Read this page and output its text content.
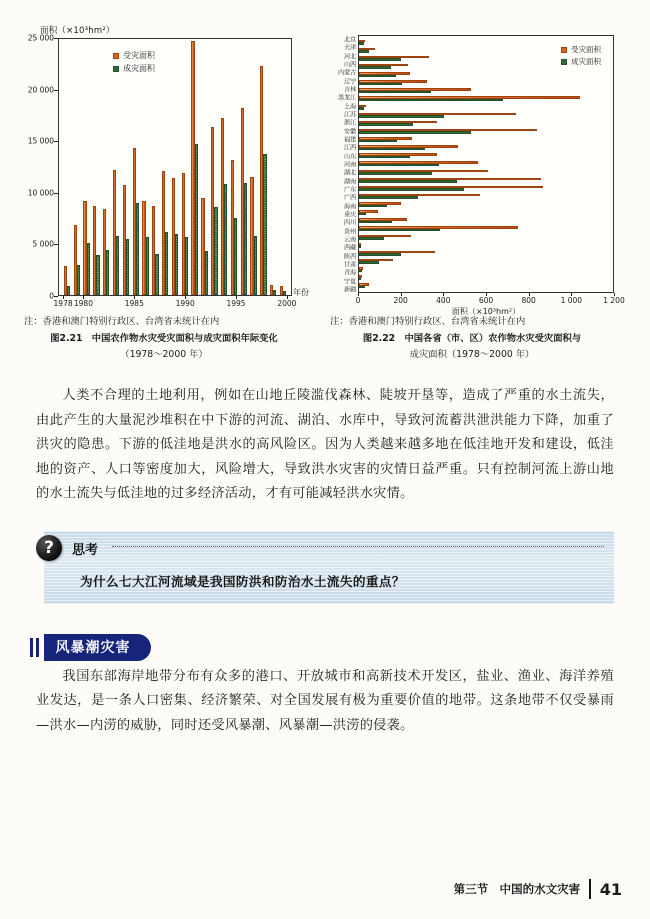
面积（×10³hm²）
0
5 000
10 000
15 000
20 000
25 000
受灾面积
成灾面积
年份
1978 1980	1985	1990	1995	2000
北京
天津
河北
山西
内蒙古
辽宁
吉林
黑龙江
上海
江苏
浙江
安徽
福建
江西
山东
河南
湖北
湖南
广东
广西
海南
重庆
四川
贵州
云南
西藏
陕西
甘肃
青海
宁夏
新疆
受灾面积
成灾面积
面积（×10³hm²）
0	200	400	600	800	1 000	1 200
注：香港和澳门特别行政区、台湾省未统计在内
图2.21　中国农作物水灾受灾面积与成灾面积年际变化
（1978～2000 年）
注：香港和澳门特别行政区、台湾省未统计在内
图2.22　中国各省（市、区）农作物水灾受灾面积与
成灾面积（1978～2000 年）

人类不合理的土地利用，例如在山地丘陵滥伐森林、陡坡开垦等，造成了严重的水土流失，由此产生的大量泥沙堆积在中下游的河流、湖泊、水库中，导致河流蓄洪泄洪能力下降，加重了洪灾的隐患。下游的低洼地是洪水的高风险区。因为人类越来越多地在低洼地开发和建设，低洼地的资产、人口等密度加大，风险增大，导致洪水灾害的灾情日益严重。只有控制河流上游山地的水土流失与低洼地的过多经济活动，才有可能减轻洪水灾情。

?	思考
为什么七大江河流域是我国防洪和防治水土流失的重点？
风暴潮灾害

我国东部海岸地带分布有众多的港口、开放城市和高新技术开发区，盐业、渔业、海洋养殖业发达，是一条人口密集、经济繁荣、对全国发展有极为重要价值的地带。这条地带不仅受暴雨—洪水—内涝的威胁，同时还受风暴潮、风暴潮—洪涝的侵袭。

第三节　中国的水文灾害 41
